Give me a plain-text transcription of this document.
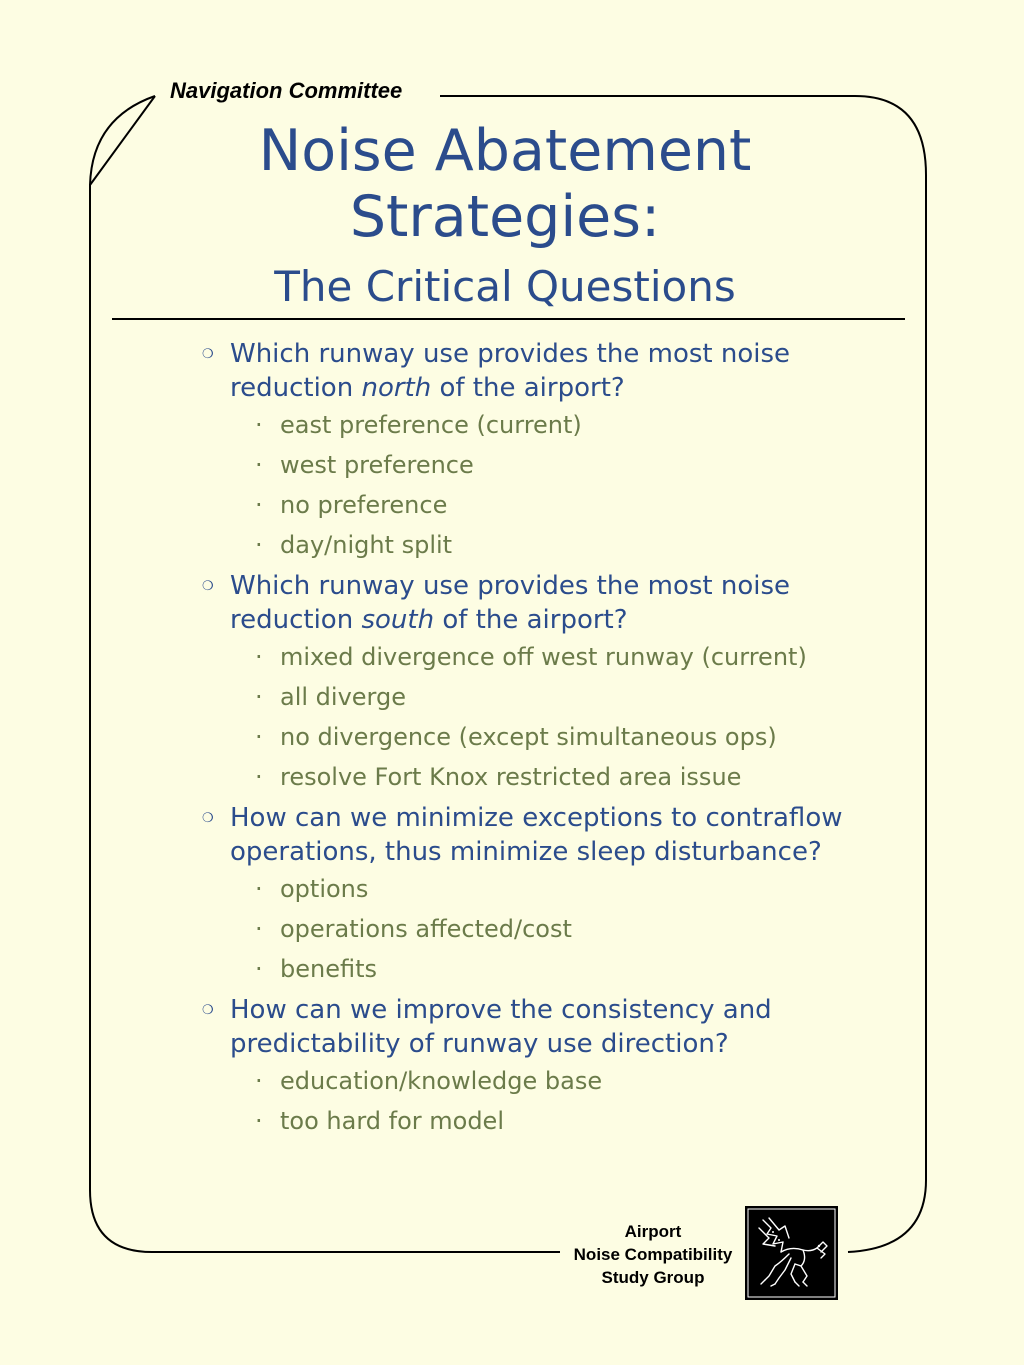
Navigation Committee
Noise Abatement
Strategies:
The Critical Questions
❍ Which runway use provides the most noise reduction north of the airport?
· east preference (current)
· west preference
· no preference
· day/night split
❍ Which runway use provides the most noise reduction south of the airport?
· mixed divergence off west runway (current)
· all diverge
· no divergence (except simultaneous ops)
· resolve Fort Knox restricted area issue
❍ How can we minimize exceptions to contraflow operations, thus minimize sleep disturbance?
· options
· operations affected/cost
· benefits
❍ How can we improve the consistency and predictability of runway use direction?
· education/knowledge base
· too hard for model
Airport
Noise Compatibility
Study Group
